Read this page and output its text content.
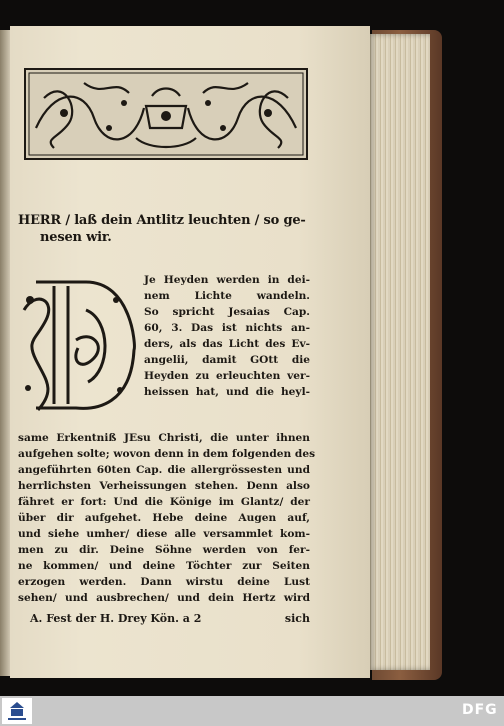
HERR / laß dein Antlitz leuchten / so ge-
nesen wir.
Je Heyden werden in dei-
nem Lichte wandeln.
So spricht Jesaias Cap.
60, 3. Das ist nichts an-
ders, als das Licht des Ev-
angelii, damit GOtt die
Heyden zu erleuchten ver-
heissen hat, und die heyl-
same Erkentniß JEsu Christi, die unter ihnen
aufgehen solte; wovon denn in dem folgenden des
angeführten 60ten Cap. die allergrössesten und
herrlichsten Verheissungen stehen. Denn also
fähret er fort: Und die Könige im Glantz/ der
über dir aufgehet. Hebe deine Augen auf,
und siehe umher/ diese alle versammlet kom-
men zu dir. Deine Söhne werden von fer-
ne kommen/ und deine Töchter zur Seiten
erzogen werden. Dann wirstu deine Lust
sehen/ und ausbrechen/ und dein Hertz wird
A. Fest der H. Drey Kön. a 2	sich
DFG
